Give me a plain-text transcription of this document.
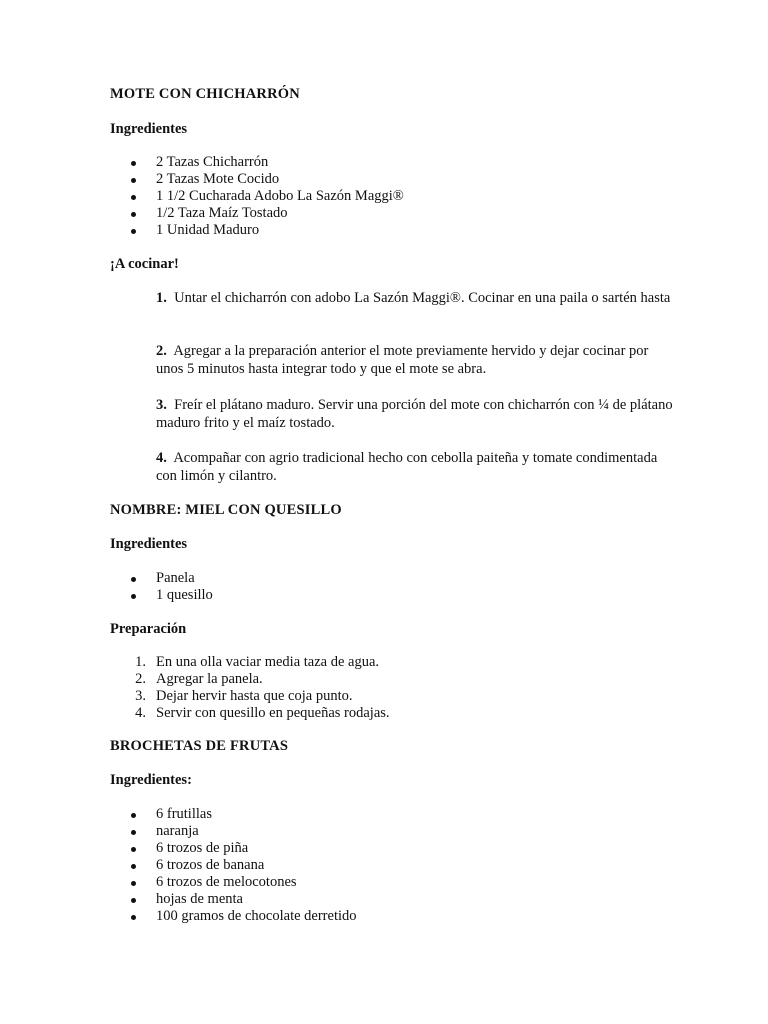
MOTE CON CHICHARRÓN
Ingredientes
2 Tazas Chicharrón
2 Tazas Mote Cocido
1 1/2 Cucharada Adobo La Sazón Maggi®
1/2 Taza Maíz Tostado
1 Unidad Maduro
¡A cocinar!
1. Untar el chicharrón con adobo La Sazón Maggi®. Cocinar en una paila o sartén hasta
2. Agregar a la preparación anterior el mote previamente hervido y dejar cocinar por unos 5 minutos hasta integrar todo y que el mote se abra.
3. Freír el plátano maduro. Servir una porción del mote con chicharrón con ¼ de plátano maduro frito y el maíz tostado.
4. Acompañar con agrio tradicional hecho con cebolla paiteña y tomate condimentada con limón y cilantro.
NOMBRE: MIEL CON QUESILLO
Ingredientes
Panela
1 quesillo
Preparación
1. En una olla vaciar media taza de agua.
2. Agregar la panela.
3. Dejar hervir hasta que coja punto.
4. Servir con quesillo en pequeñas rodajas.
BROCHETAS DE FRUTAS
Ingredientes:
6 frutillas
naranja
6 trozos de piña
6 trozos de banana
6 trozos de melocotones
hojas de menta
100 gramos de chocolate derretido
